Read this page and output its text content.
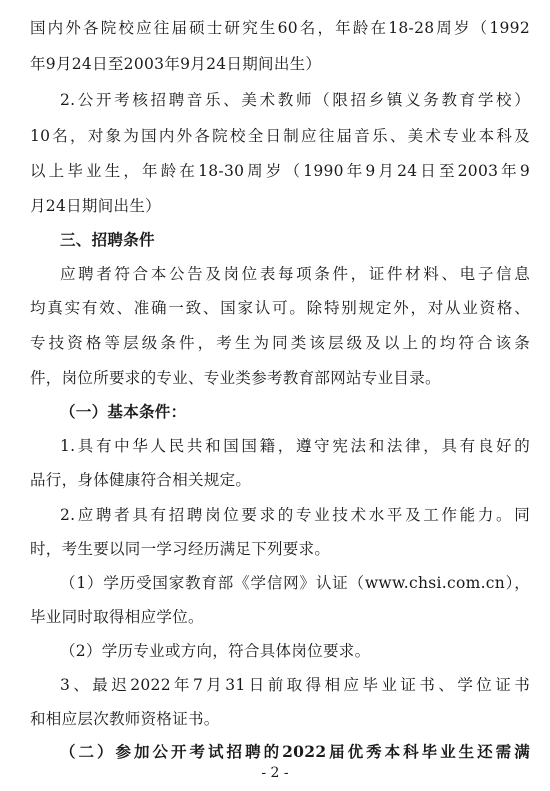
国内外各院校应往届硕士研究生60名，年龄在18-28周岁（1992
年9月24日至2003年9月24日期间出生）
2.公开考核招聘音乐、美术教师（限招乡镇义务教育学校）
10名，对象为国内外各院校全日制应往届音乐、美术专业本科及
以上毕业生，年龄在18-30周岁（1990年9月24日至2003年9
月24日期间出生）
三、招聘条件
应聘者符合本公告及岗位表每项条件，证件材料、电子信息
均真实有效、准确一致、国家认可。除特别规定外，对从业资格、
专技资格等层级条件，考生为同类该层级及以上的均符合该条
件，岗位所要求的专业、专业类参考教育部网站专业目录。
（一）基本条件：
1.具有中华人民共和国国籍，遵守宪法和法律，具有良好的
品行，身体健康符合相关规定。
2.应聘者具有招聘岗位要求的专业技术水平及工作能力。同
时，考生要以同一学习经历满足下列要求。
（1）学历受国家教育部《学信网》认证（www.chsi.com.cn），
毕业同时取得相应学位。
（2）学历专业或方向，符合具体岗位要求。
3、最迟2022年7月31日前取得相应毕业证书、学位证书
和相应层次教师资格证书。
（二）参加公开考试招聘的2022届优秀本科毕业生还需满
- 2 -
